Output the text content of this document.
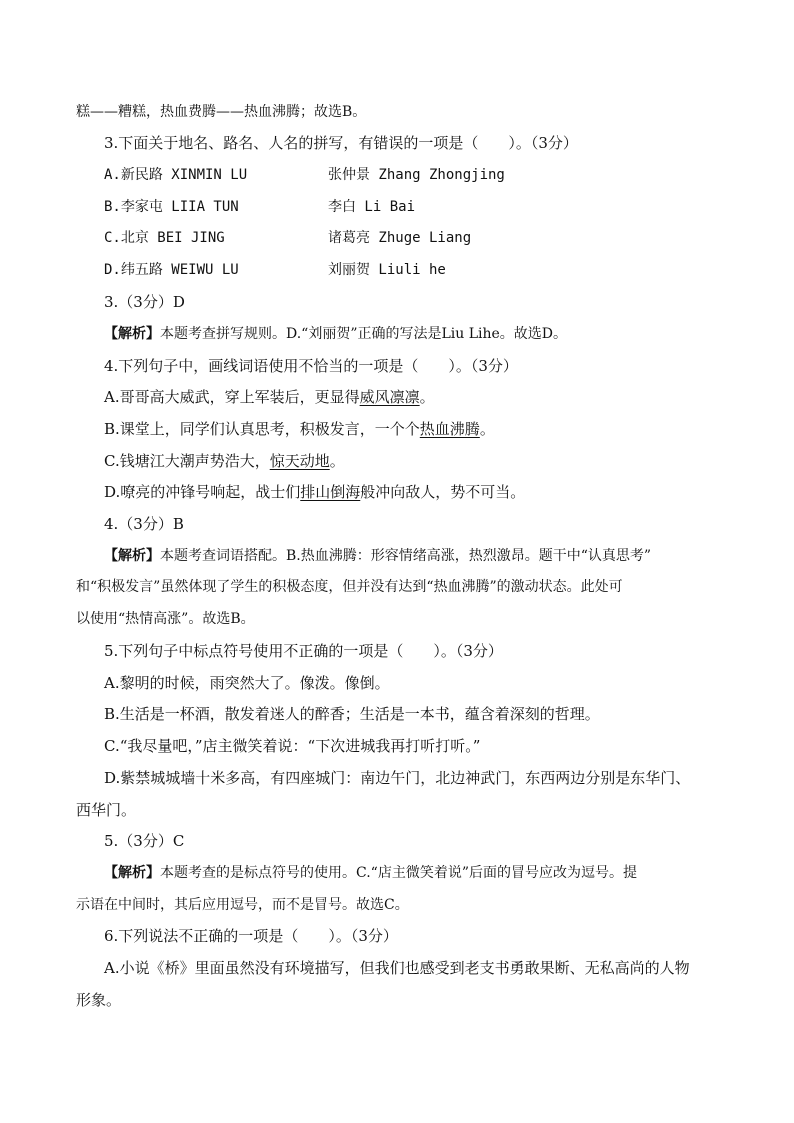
糕——糟糕，热血费腾——热血沸腾；故选B。
3.下面关于地名、路名、人名的拼写，有错误的一项是（　　）。（3分）
A.新民路 XINMIN LU	张仲景 Zhang Zhongjing
B.李家屯 LIIA TUN	李白 Li Bai
C.北京 BEI JING	诸葛亮 Zhuge Liang
D.纬五路 WEIWU LU	刘丽贺 Liuli he
3.（3分）D
【解析】本题考查拼写规则。D.“刘丽贺”正确的写法是Liu Lihe。故选D。
4.下列句子中，画线词语使用不恰当的一项是（　　）。（3分）
A.哥哥高大威武，穿上军装后，更显得威风凛凛。
B.课堂上，同学们认真思考，积极发言，一个个热血沸腾。
C.钱塘江大潮声势浩大，惊天动地。
D.嘹亮的冲锋号响起，战士们排山倒海般冲向敌人，势不可当。
4.（3分）B
【解析】本题考查词语搭配。B.热血沸腾：形容情绪高涨，热烈激昂。题干中“认真思考”
和“积极发言”虽然体现了学生的积极态度，但并没有达到“热血沸腾”的激动状态。此处可
以使用“热情高涨”。故选B。
5.下列句子中标点符号使用不正确的一项是（　　）。（3分）
A.黎明的时候，雨突然大了。像泼。像倒。
B.生活是一杯酒，散发着迷人的醉香；生活是一本书，蕴含着深刻的哲理。
C.“我尽量吧，”店主微笑着说：“下次进城我再打听打听。”
D.紫禁城城墙十米多高，有四座城门：南边午门，北边神武门，东西两边分别是东华门、
西华门。
5.（3分）C
【解析】本题考查的是标点符号的使用。C.“店主微笑着说”后面的冒号应改为逗号。提
示语在中间时，其后应用逗号，而不是冒号。故选C。
6.下列说法不正确的一项是（　　）。（3分）
A.小说《桥》里面虽然没有环境描写，但我们也感受到老支书勇敢果断、无私高尚的人物
形象。
